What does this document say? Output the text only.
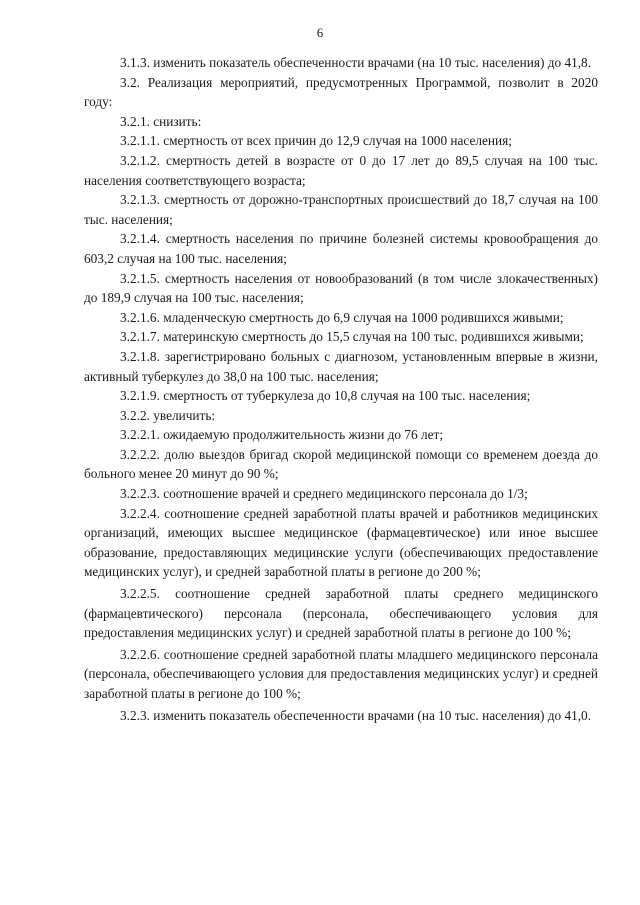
6

3.1.3. изменить показатель обеспеченности врачами (на 10 тыс. населения) до 41,8.

3.2. Реализация мероприятий, предусмотренных Программой, позволит в 2020 году:

3.2.1. снизить:

3.2.1.1. смертность от всех причин до 12,9 случая на 1000 населения;

3.2.1.2. смертность детей в возрасте от 0 до 17 лет до 89,5 случая на 100 тыс. населения соответствующего возраста;

3.2.1.3. смертность от дорожно-транспортных происшествий до 18,7 случая на 100 тыс. населения;

3.2.1.4. смертность населения по причине болезней системы кровообращения до 603,2 случая на 100 тыс. населения;

3.2.1.5. смертность населения от новообразований (в том числе злокачественных) до 189,9 случая на 100 тыс. населения;

3.2.1.6. младенческую смертность до 6,9 случая на 1000 родившихся живыми;

3.2.1.7. материнскую смертность до 15,5 случая на 100 тыс. родившихся живыми;

3.2.1.8. зарегистрировано больных с диагнозом, установленным впервые в жизни, активный туберкулез до 38,0 на 100 тыс. населения;

3.2.1.9. смертность от туберкулеза до 10,8 случая на 100 тыс. населения;

3.2.2. увеличить:

3.2.2.1. ожидаемую продолжительность жизни до 76 лет;

3.2.2.2. долю выездов бригад скорой медицинской помощи со временем доезда до больного менее 20 минут до 90 %;

3.2.2.3. соотношение врачей и среднего медицинского персонала до 1/3;

3.2.2.4. соотношение средней заработной платы врачей и работников медицинских организаций, имеющих высшее медицинское (фармацевтическое) или иное высшее образование, предоставляющих медицинские услуги (обеспечивающих предоставление медицинских услуг), и средней заработной платы в регионе до 200 %;

3.2.2.5. соотношение средней заработной платы среднего медицинского (фармацевтического) персонала (персонала, обеспечивающего условия для предоставления медицинских услуг) и средней заработной платы в регионе до 100 %;

3.2.2.6. соотношение средней заработной платы младшего медицинского персонала (персонала, обеспечивающего условия для предоставления медицинских услуг) и средней заработной платы в регионе до 100 %;

3.2.3. изменить показатель обеспеченности врачами (на 10 тыс. населения) до 41,0.
